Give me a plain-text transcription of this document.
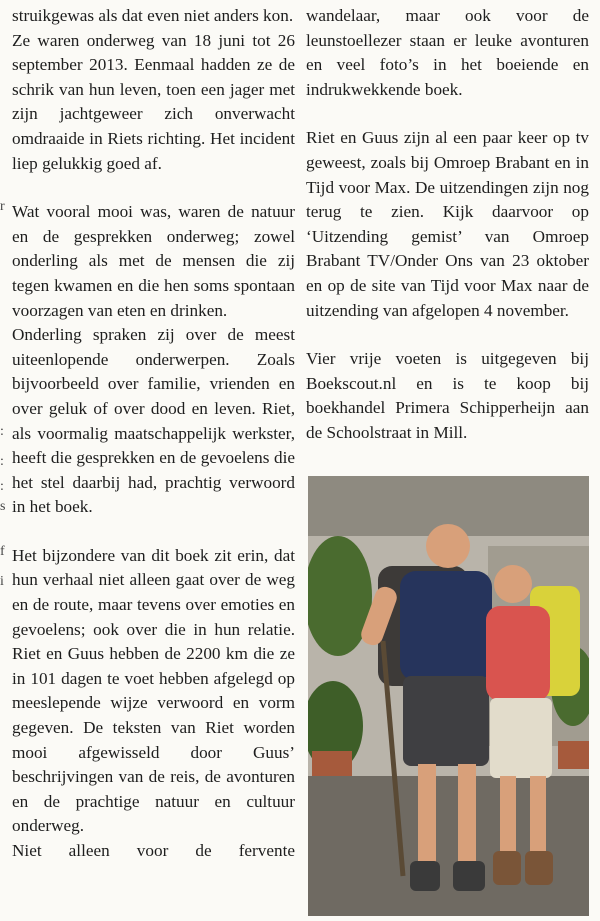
r
:
s
:
:
f
i

struikgewas als dat even niet anders kon.

Ze waren onderweg van 18 juni tot 26 september 2013. Eenmaal hadden ze de schrik van hun leven, toen een jager met zijn jachtgeweer zich onverwacht omdraaide in Riets richting. Het incident liep gelukkig goed af.

Wat vooral mooi was, waren de natuur en de gesprekken onderweg; zowel onderling als met de mensen die zij tegen kwamen en die hen soms spontaan voorzagen van eten en drinken.

Onderling spraken zij over de meest uiteenlopende onderwerpen. Zoals bijvoorbeeld over familie, vrienden en over geluk of over dood en leven. Riet, als voormalig maatschappelijk werkster, heeft die gesprekken en de gevoelens die het stel daarbij had, prachtig verwoord in het boek.

Het bijzondere van dit boek zit erin, dat hun verhaal niet alleen gaat over de weg en de route, maar tevens over emoties en gevoelens; ook over die in hun relatie. Riet en Guus hebben de 2200 km die ze in 101 dagen te voet hebben afgelegd op meeslepende wijze verwoord en vorm gegeven. De teksten van Riet worden mooi afgewisseld door Guus’ beschrijvingen van de reis, de avonturen en de prachtige natuur en cultuur onderweg.

Niet alleen voor de fervente

wandelaar, maar ook voor de leunstoellezer staan er leuke avonturen en veel foto’s in het boeiende en indrukwekkende boek.

Riet en Guus zijn al een paar keer op tv geweest, zoals bij Omroep Brabant en in Tijd voor Max. De uitzendingen zijn nog terug te zien. Kijk daarvoor op ‘Uitzending gemist’ van Omroep Brabant TV/Onder Ons van 23 oktober en op de site van Tijd voor Max naar de uitzending van afgelopen 4 november.

Vier vrije voeten is uitgegeven bij Boekscout.nl en is te koop bij boekhandel Primera Schipperheijn aan de Schoolstraat in Mill.
